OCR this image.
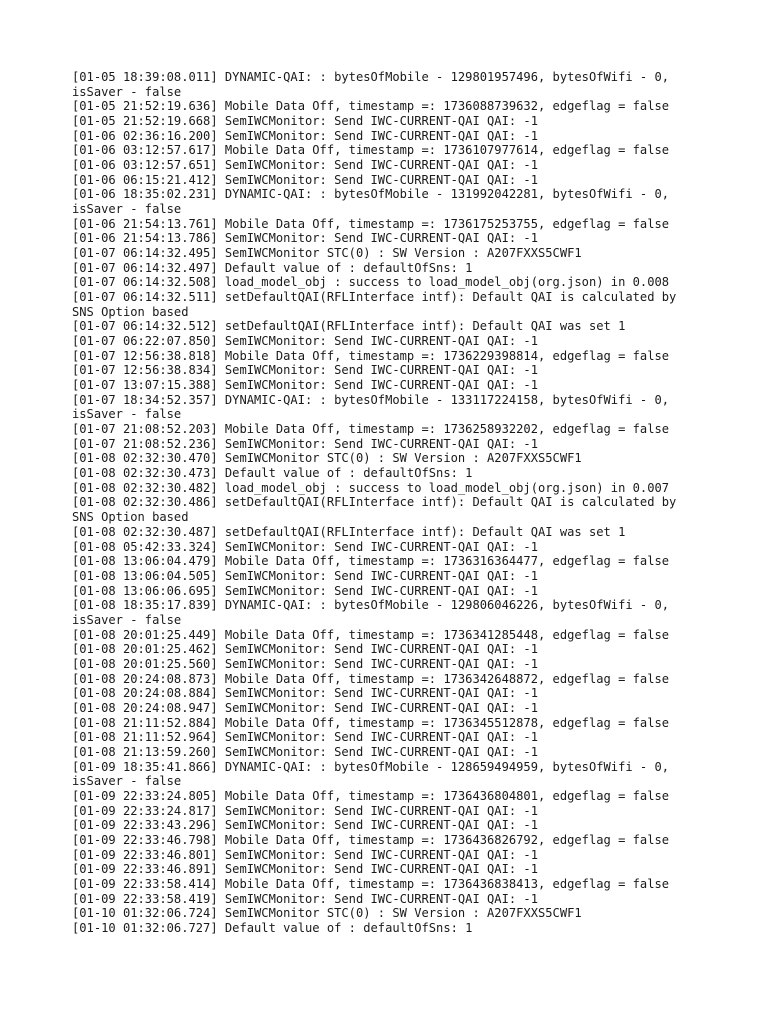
[01-05 18:39:08.011] DYNAMIC-QAI: : bytesOfMobile - 129801957496, bytesOfWifi - 0,
isSaver - false
[01-05 21:52:19.636] Mobile Data Off, timestamp =: 1736088739632, edgeflag = false
[01-05 21:52:19.668] SemIWCMonitor: Send IWC-CURRENT-QAI QAI: -1
[01-06 02:36:16.200] SemIWCMonitor: Send IWC-CURRENT-QAI QAI: -1
[01-06 03:12:57.617] Mobile Data Off, timestamp =: 1736107977614, edgeflag = false
[01-06 03:12:57.651] SemIWCMonitor: Send IWC-CURRENT-QAI QAI: -1
[01-06 06:15:21.412] SemIWCMonitor: Send IWC-CURRENT-QAI QAI: -1
[01-06 18:35:02.231] DYNAMIC-QAI: : bytesOfMobile - 131992042281, bytesOfWifi - 0,
isSaver - false
[01-06 21:54:13.761] Mobile Data Off, timestamp =: 1736175253755, edgeflag = false
[01-06 21:54:13.786] SemIWCMonitor: Send IWC-CURRENT-QAI QAI: -1
[01-07 06:14:32.495] SemIWCMonitor STC(0) : SW Version : A207FXXS5CWF1
[01-07 06:14:32.497] Default value of : defaultOfSns: 1
[01-07 06:14:32.508] load_model_obj : success to load_model_obj(org.json) in 0.008
[01-07 06:14:32.511] setDefaultQAI(RFLInterface intf): Default QAI is calculated by
SNS Option based
[01-07 06:14:32.512] setDefaultQAI(RFLInterface intf): Default QAI was set 1
[01-07 06:22:07.850] SemIWCMonitor: Send IWC-CURRENT-QAI QAI: -1
[01-07 12:56:38.818] Mobile Data Off, timestamp =: 1736229398814, edgeflag = false
[01-07 12:56:38.834] SemIWCMonitor: Send IWC-CURRENT-QAI QAI: -1
[01-07 13:07:15.388] SemIWCMonitor: Send IWC-CURRENT-QAI QAI: -1
[01-07 18:34:52.357] DYNAMIC-QAI: : bytesOfMobile - 133117224158, bytesOfWifi - 0,
isSaver - false
[01-07 21:08:52.203] Mobile Data Off, timestamp =: 1736258932202, edgeflag = false
[01-07 21:08:52.236] SemIWCMonitor: Send IWC-CURRENT-QAI QAI: -1
[01-08 02:32:30.470] SemIWCMonitor STC(0) : SW Version : A207FXXS5CWF1
[01-08 02:32:30.473] Default value of : defaultOfSns: 1
[01-08 02:32:30.482] load_model_obj : success to load_model_obj(org.json) in 0.007
[01-08 02:32:30.486] setDefaultQAI(RFLInterface intf): Default QAI is calculated by
SNS Option based
[01-08 02:32:30.487] setDefaultQAI(RFLInterface intf): Default QAI was set 1
[01-08 05:42:33.324] SemIWCMonitor: Send IWC-CURRENT-QAI QAI: -1
[01-08 13:06:04.479] Mobile Data Off, timestamp =: 1736316364477, edgeflag = false
[01-08 13:06:04.505] SemIWCMonitor: Send IWC-CURRENT-QAI QAI: -1
[01-08 13:06:06.695] SemIWCMonitor: Send IWC-CURRENT-QAI QAI: -1
[01-08 18:35:17.839] DYNAMIC-QAI: : bytesOfMobile - 129806046226, bytesOfWifi - 0,
isSaver - false
[01-08 20:01:25.449] Mobile Data Off, timestamp =: 1736341285448, edgeflag = false
[01-08 20:01:25.462] SemIWCMonitor: Send IWC-CURRENT-QAI QAI: -1
[01-08 20:01:25.560] SemIWCMonitor: Send IWC-CURRENT-QAI QAI: -1
[01-08 20:24:08.873] Mobile Data Off, timestamp =: 1736342648872, edgeflag = false
[01-08 20:24:08.884] SemIWCMonitor: Send IWC-CURRENT-QAI QAI: -1
[01-08 20:24:08.947] SemIWCMonitor: Send IWC-CURRENT-QAI QAI: -1
[01-08 21:11:52.884] Mobile Data Off, timestamp =: 1736345512878, edgeflag = false
[01-08 21:11:52.964] SemIWCMonitor: Send IWC-CURRENT-QAI QAI: -1
[01-08 21:13:59.260] SemIWCMonitor: Send IWC-CURRENT-QAI QAI: -1
[01-09 18:35:41.866] DYNAMIC-QAI: : bytesOfMobile - 128659494959, bytesOfWifi - 0,
isSaver - false
[01-09 22:33:24.805] Mobile Data Off, timestamp =: 1736436804801, edgeflag = false
[01-09 22:33:24.817] SemIWCMonitor: Send IWC-CURRENT-QAI QAI: -1
[01-09 22:33:43.296] SemIWCMonitor: Send IWC-CURRENT-QAI QAI: -1
[01-09 22:33:46.798] Mobile Data Off, timestamp =: 1736436826792, edgeflag = false
[01-09 22:33:46.801] SemIWCMonitor: Send IWC-CURRENT-QAI QAI: -1
[01-09 22:33:46.891] SemIWCMonitor: Send IWC-CURRENT-QAI QAI: -1
[01-09 22:33:58.414] Mobile Data Off, timestamp =: 1736436838413, edgeflag = false
[01-09 22:33:58.419] SemIWCMonitor: Send IWC-CURRENT-QAI QAI: -1
[01-10 01:32:06.724] SemIWCMonitor STC(0) : SW Version : A207FXXS5CWF1
[01-10 01:32:06.727] Default value of : defaultOfSns: 1
